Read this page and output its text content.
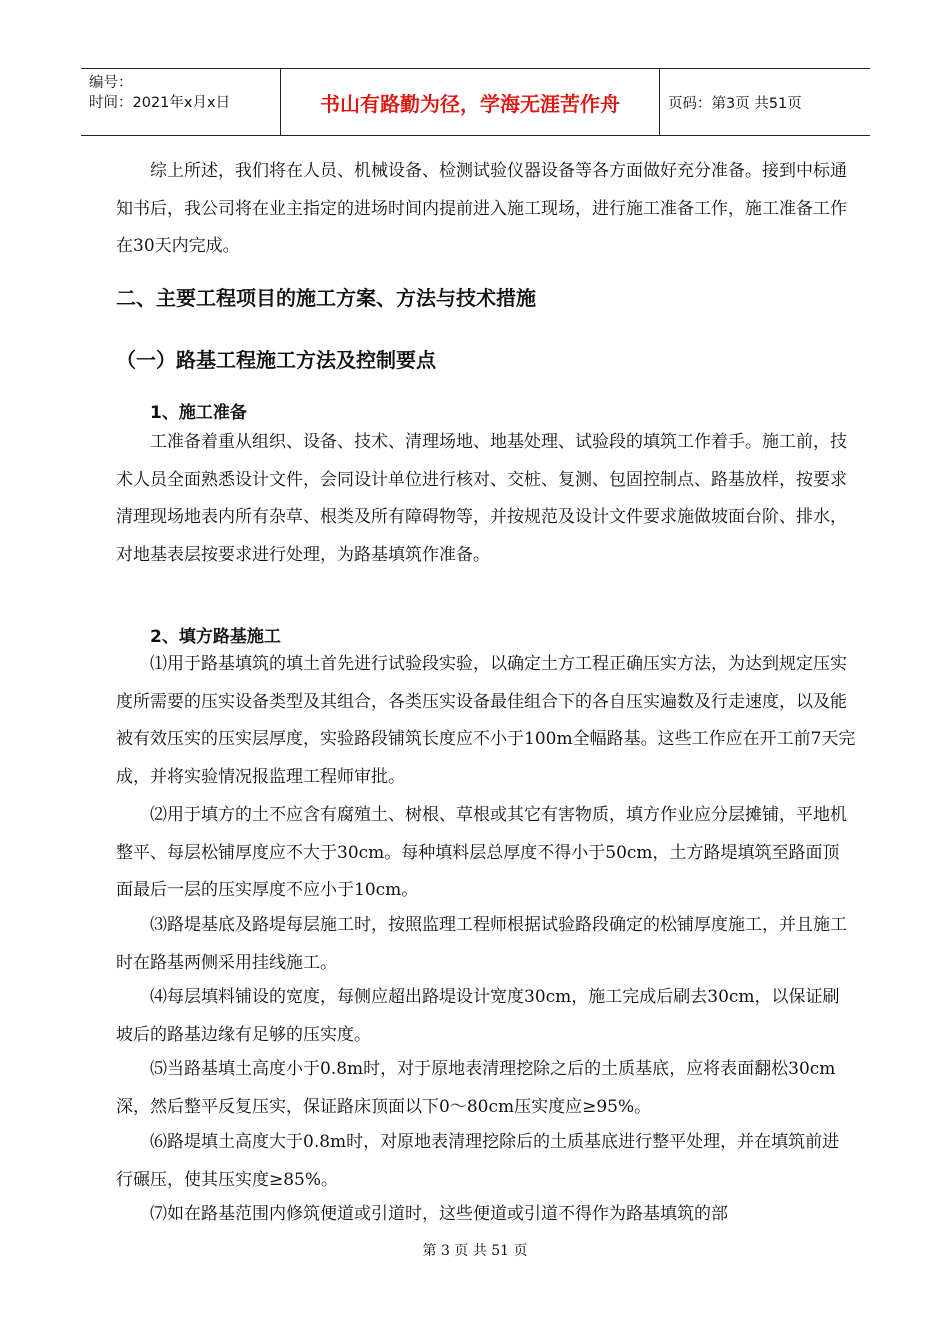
编号：
时间：2021年x月x日	书山有路勤为径，学海无涯苦作舟	页码：第3页 共51页

综上所述，我们将在人员、机械设备、检测试验仪器设备等各方面做好充分准备。接到中标通知书后，我公司将在业主指定的进场时间内提前进入施工现场，进行施工准备工作，施工准备工作在30天内完成。

二、主要工程项目的施工方案、方法与技术措施
（一）路基工程施工方法及控制要点
1、施工准备

工准备着重从组织、设备、技术、清理场地、地基处理、试验段的填筑工作着手。施工前，技术人员全面熟悉设计文件，会同设计单位进行核对、交桩、复测、包固控制点、路基放样，按要求清理现场地表内所有杂草、根类及所有障碍物等，并按规范及设计文件要求施做坡面台阶、排水，对地基表层按要求进行处理，为路基填筑作准备。

2、填方路基施工

⑴用于路基填筑的填土首先进行试验段实验，以确定土方工程正确压实方法，为达到规定压实度所需要的压实设备类型及其组合，各类压实设备最佳组合下的各自压实遍数及行走速度，以及能被有效压实的压实层厚度，实验路段铺筑长度应不小于100m全幅路基。这些工作应在开工前7天完成，并将实验情况报监理工程师审批。

⑵用于填方的土不应含有腐殖土、树根、草根或其它有害物质，填方作业应分层摊铺，平地机整平、每层松铺厚度应不大于30cm。每种填料层总厚度不得小于50cm，土方路堤填筑至路面顶面最后一层的压实厚度不应小于10cm。

⑶路堤基底及路堤每层施工时，按照监理工程师根据试验路段确定的松铺厚度施工，并且施工时在路基两侧采用挂线施工。

⑷每层填料铺设的宽度，每侧应超出路堤设计宽度30cm，施工完成后刷去30cm，以保证刷坡后的路基边缘有足够的压实度。

⑸当路基填土高度小于0.8m时，对于原地表清理挖除之后的土质基底，应将表面翻松30cm深，然后整平反复压实，保证路床顶面以下0～80cm压实度应≥95%。

⑹路堤填土高度大于0.8m时，对原地表清理挖除后的土质基底进行整平处理，并在填筑前进行碾压，使其压实度≥85%。

⑺如在路基范围内修筑便道或引道时，这些便道或引道不得作为路基填筑的部

第 3 页 共 51 页
